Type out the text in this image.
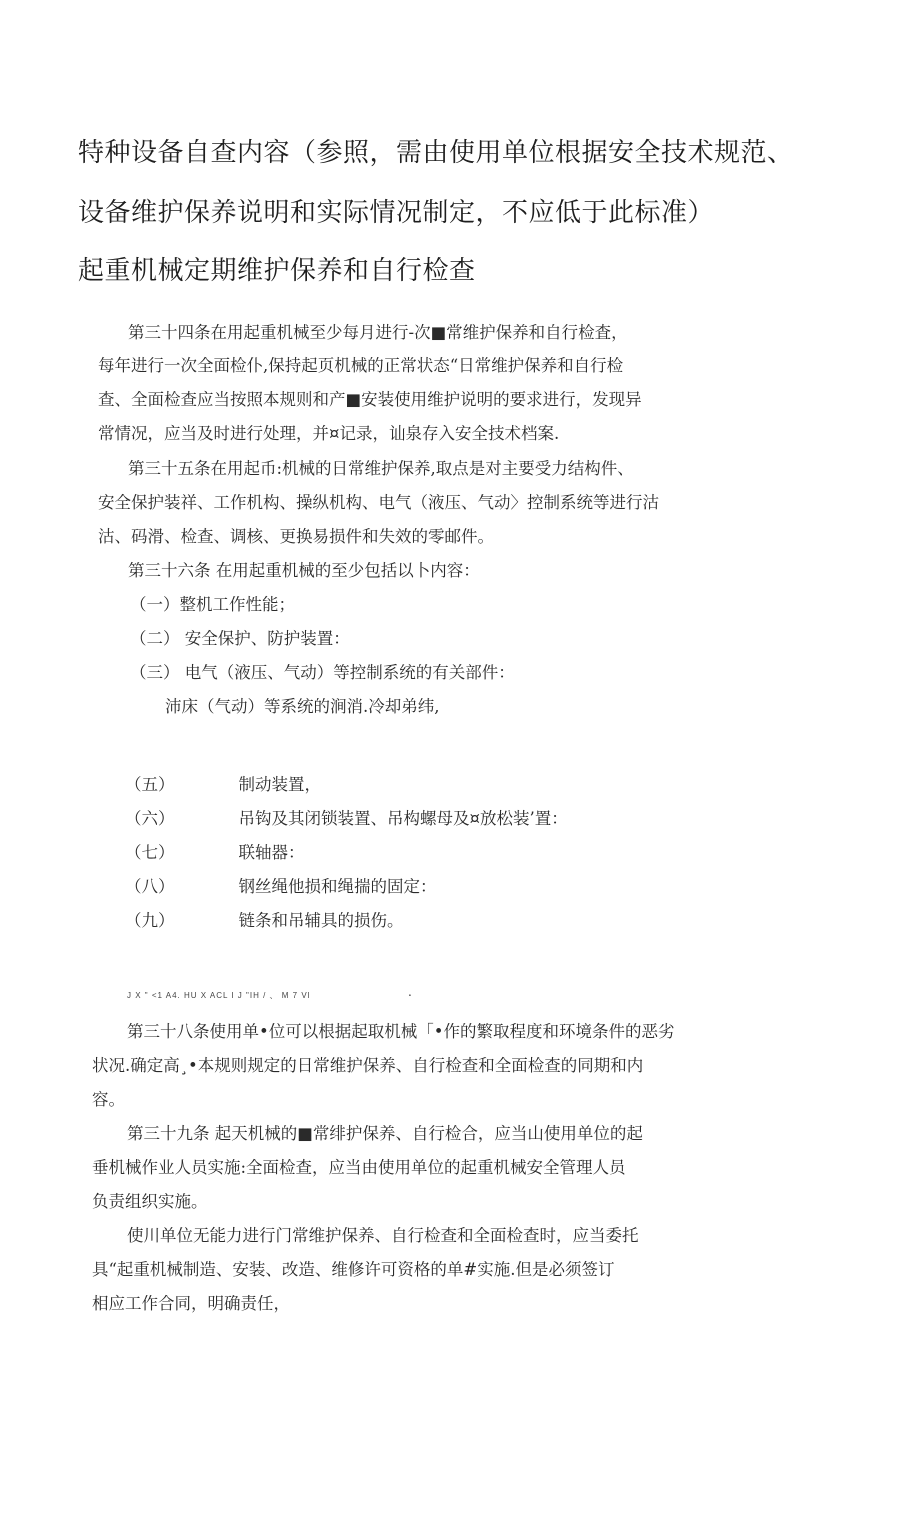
特种设备自查内容（参照，需由使用单位根据安全技术规范、

设备维护保养说明和实际情况制定，不应低于此标准）

起重机械定期维护保养和自行检查

第三十四条在用起重机械至少每月进行-次■常维护保养和自行检査，

每年进行一次全面检仆,保持起页机械的正常状态“日常维护保养和自行检

查、全面检查应当按照本规则和产■安装使用维护说明的要求进行，发现异

常情况，应当及时进行处理，并¤记录，讪泉存入安全技术档案.

第三十五条在用起币:机械的日常维护保养,取点是对主要受力结构件、

安全保护装祥、工作机构、操纵机构、电气（液压、气动〉控制系统等进行沽

沽、码滑、检查、调核、更换易损件和失效的零邮件。

第三十六条 在用起重机械的至少包括以卜内容：

（一）整机工作性能；

（二） 安全保护、防护装置：

（三） 电气（液压、气动）等控制系统的有关部件：

沛床（气动）等系统的涧消.冷却弟纬,

（五）	制动装置，

（六）	吊钩及其闭锁装置、吊构螺母及¤放松装’置：

（七）	联轴器：

（八）	钢丝绳他损和绳揣的固定：

（九）	链条和吊辅具的损伤。

J X " <1 A4. HU X ACL I J "IH / 、 M 7 Vl	.

第三十八条使用单•位可以根据起取机械「•作的繁取程度和环境条件的恶劣

状况.确定高¸•本规则规定的日常维护保养、自行检查和全面检查的同期和内

容。

第三十九条 起天机械的■常绯护保养、自行检合，应当山使用单位的起

垂机械作业人员实施:全面检查，应当由使用单位的起重机械安全管理人员

负责组织实施。

使川单位无能力进行门常维护保养、自行检查和全面检查时，应当委托

具“起重机械制造、安装、改造、维修许可资格的单#实施.但是必须签订

相应工作合同，明确责任，
